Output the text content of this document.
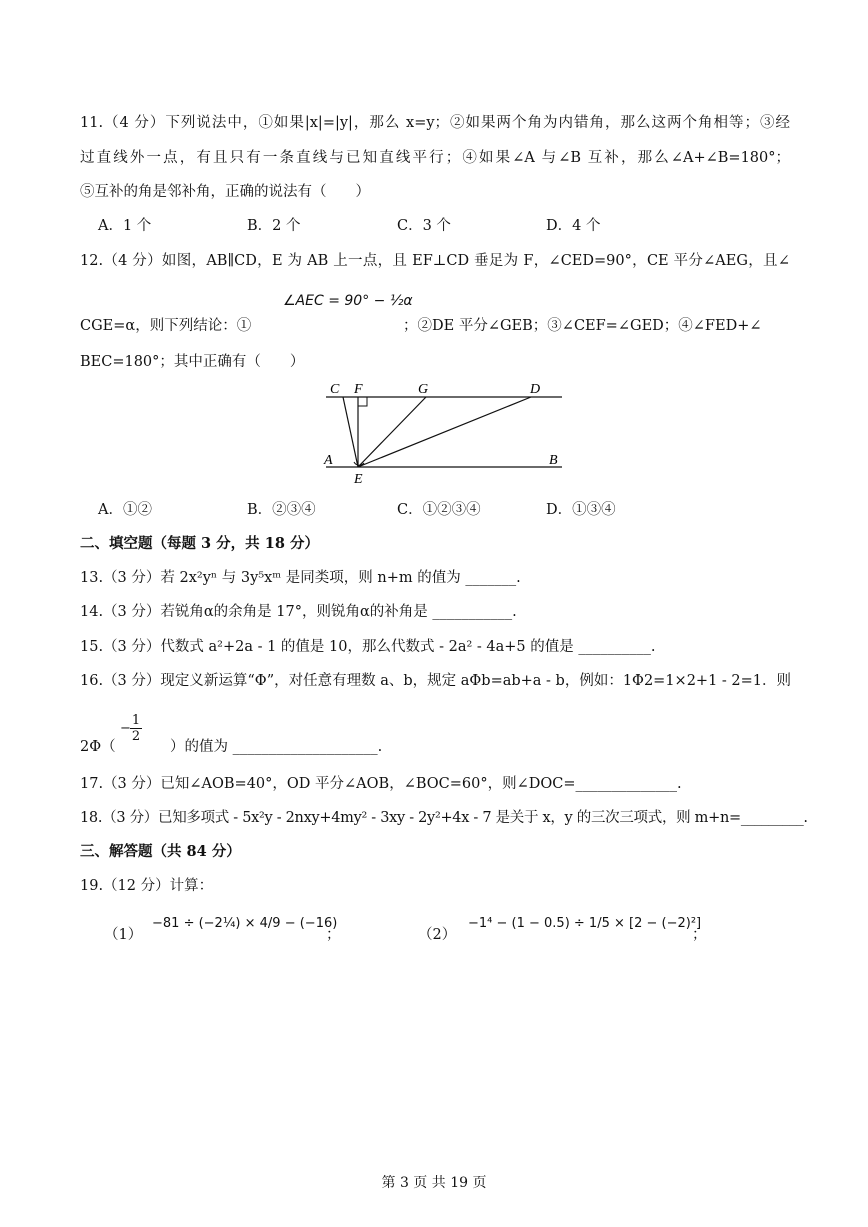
11.（4 分）下列说法中，①如果|x|=|y|，那么 x=y；②如果两个角为内错角，那么这两个角相等；③经
过直线外一点，有且只有一条直线与已知直线平行；④如果∠A 与∠B 互补，那么∠A+∠B=180°；
⑤互补的角是邻补角，正确的说法有（　　）
A．1 个	B．2 个	C．3 个	D．4 个
12.（4 分）如图，AB∥CD，E 为 AB 上一点，且 EF⊥CD 垂足为 F，∠CED=90°，CE 平分∠AEG，且∠
CGE=α，则下列结论：①
∠AEC = 90° − ½α
；②DE 平分∠GEB；③∠CEF=∠GED；④∠FED+∠
BEC=180°；其中正确有（　　）
C F	G	D
A	B
E
A．①②	B．②③④	C．①②③④	D．①③④
二、填空题（每题 3 分，共 18 分）
13.（3 分）若 2x²yⁿ 与 3y⁵xᵐ 是同类项，则 n+m 的值为 _______.
14.（3 分）若锐角α的余角是 17°，则锐角α的补角是 ___________.
15.（3 分）代数式 a²+2a - 1 的值是 10，那么代数式 - 2a² - 4a+5 的值是 __________.
16.（3 分）现定义新运算“Φ”，对任意有理数 a、b，规定 aΦb=ab+a - b，例如：1Φ2=1×2+1 - 2=1．则
−
1
2
2Φ（	）的值为 ____________________.
17.（3 分）已知∠AOB=40°，OD 平分∠AOB，∠BOC=60°，则∠DOC=______________.
18.（3 分）已知多项式 - 5x²y - 2nxy+4my² - 3xy - 2y²+4x - 7 是关于 x，y 的三次三项式，则 m+n=_________.
三、解答题（共 84 分）
19.（12 分）计算：
（1）
−81 ÷ (−2¼) × 4/9 − (−16)
；	（2）
−1⁴ − (1 − 0.5) ÷ 1/5 × [2 − (−2)²]
；
第 3 页 共 19 页
